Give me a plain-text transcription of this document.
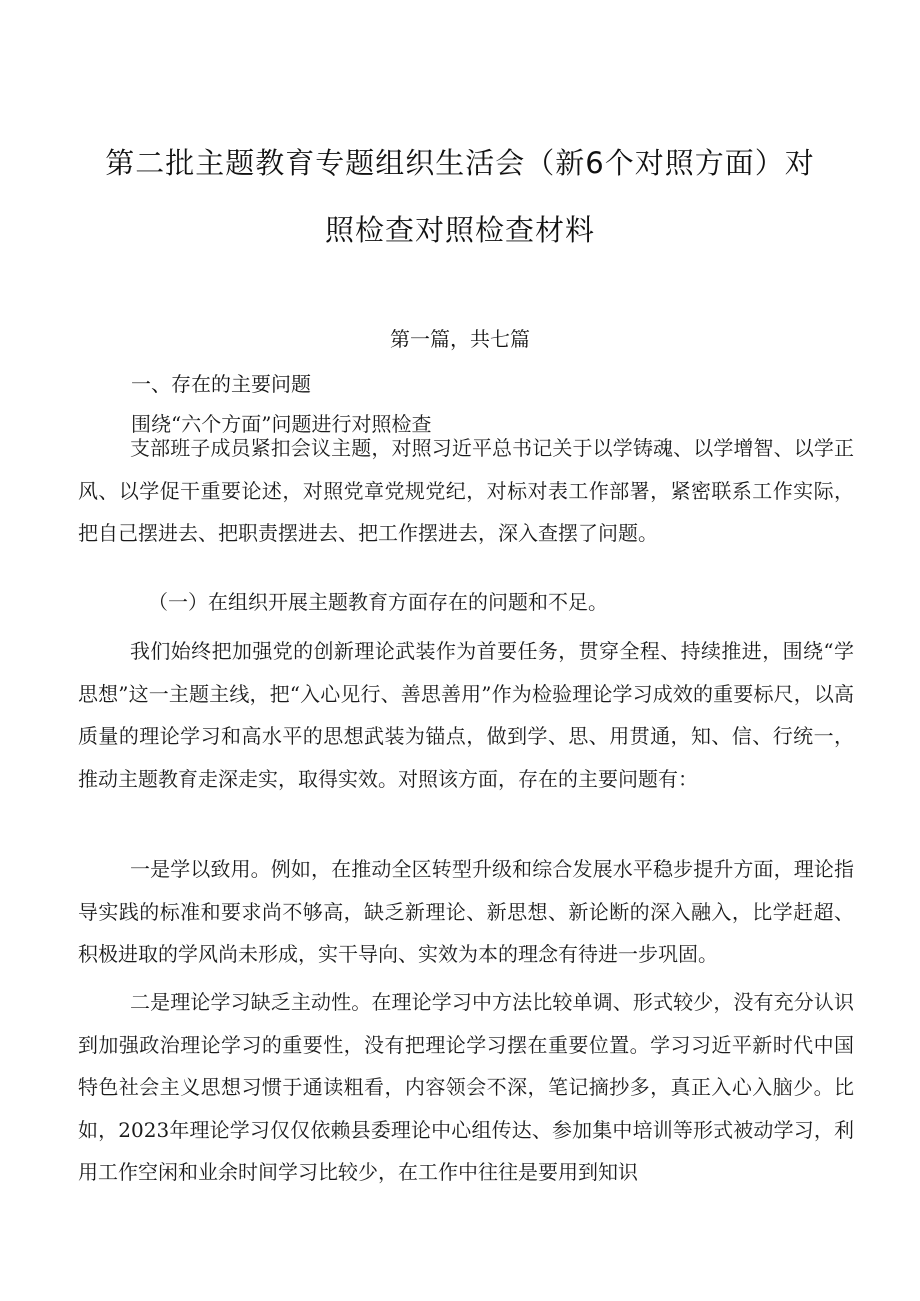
第二批主题教育专题组织生活会（新6个对照方面）对
照检查对照检查材料
第一篇，共七篇
一、存在的主要问题
围绕“六个方面”问题进行对照检查

支部班子成员紧扣会议主题，对照习近平总书记关于以学铸魂、以学增智、以学正风、以学促干重要论述，对照党章党规党纪，对标对表工作部署，紧密联系工作实际，把自己摆进去、把职责摆进去、把工作摆进去，深入查摆了问题。

（一）在组织开展主题教育方面存在的问题和不足。

我们始终把加强党的创新理论武装作为首要任务，贯穿全程、持续推进，围绕“学思想”这一主题主线，把“入心见行、善思善用”作为检验理论学习成效的重要标尺，以高质量的理论学习和高水平的思想武装为锚点，做到学、思、用贯通，知、信、行统一，推动主题教育走深走实，取得实效。对照该方面，存在的主要问题有：

一是学以致用。例如，在推动全区转型升级和综合发展水平稳步提升方面，理论指导实践的标准和要求尚不够高，缺乏新理论、新思想、新论断的深入融入，比学赶超、积极进取的学风尚未形成，实干导向、实效为本的理念有待进一步巩固。

二是理论学习缺乏主动性。在理论学习中方法比较单调、形式较少，没有充分认识到加强政治理论学习的重要性，没有把理论学习摆在重要位置。学习习近平新时代中国特色社会主义思想习惯于通读粗看，内容领会不深，笔记摘抄多，真正入心入脑少。比如，2023年理论学习仅仅依赖县委理论中心组传达、参加集中培训等形式被动学习，利用工作空闲和业余时间学习比较少，在工作中往往是要用到知识
